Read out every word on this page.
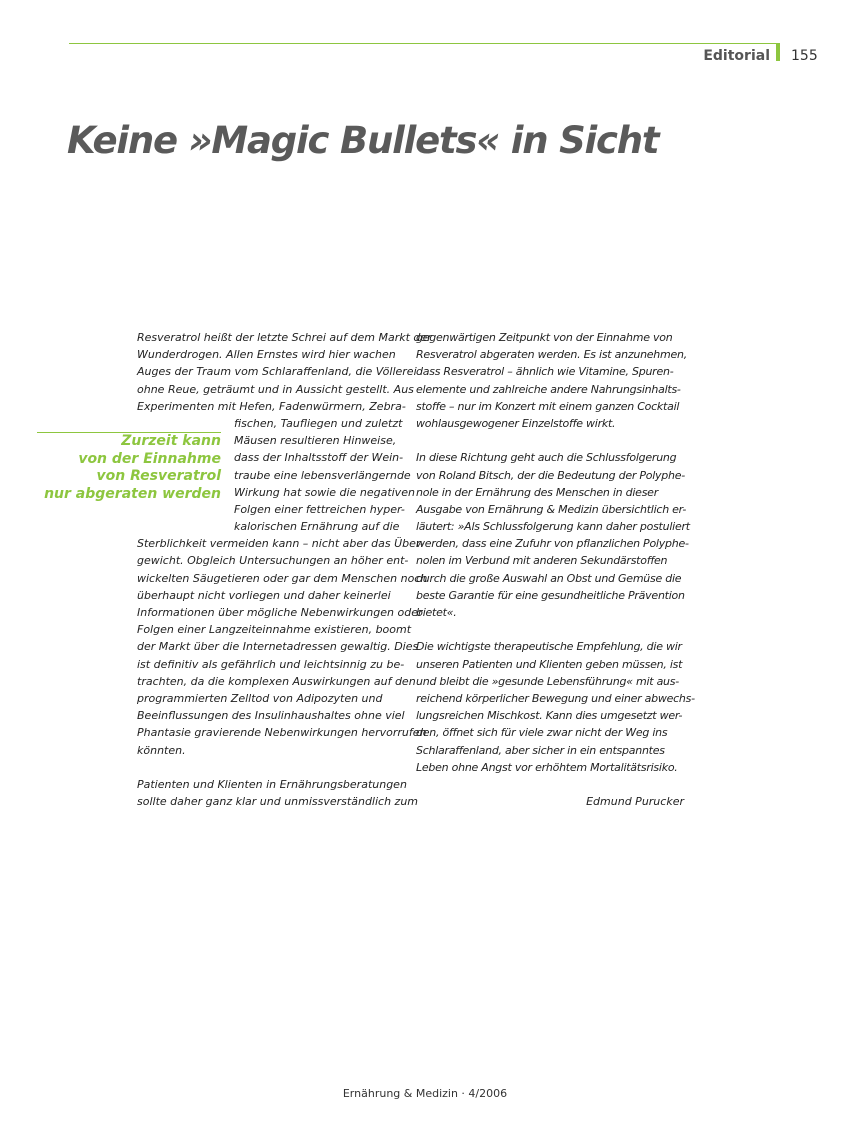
Editorial 155
Keine »Magic Bullets« in Sicht
Zurzeit kann
von der Einnahme
von Resveratrol
nur abgeraten werden
Resveratrol heißt der letzte Schrei auf dem Markt der
Wunderdrogen. Allen Ernstes wird hier wachen
Auges der Traum vom Schlaraffenland, die Völlerei
ohne Reue, geträumt und in Aussicht gestellt. Aus
Experimenten mit Hefen, Fadenwürmern, Zebra-
fischen, Taufliegen und zuletzt
Mäusen resultieren Hinweise,
dass der Inhaltsstoff der Wein-
traube eine lebensverlängernde
Wirkung hat sowie die negativen
Folgen einer fettreichen hyper-
kalorischen Ernährung auf die
Sterblichkeit vermeiden kann – nicht aber das Über-
gewicht. Obgleich Untersuchungen an höher ent-
wickelten Säugetieren oder gar dem Menschen noch
überhaupt nicht vorliegen und daher keinerlei
Informationen über mögliche Nebenwirkungen oder
Folgen einer Langzeiteinnahme existieren, boomt
der Markt über die Internetadressen gewaltig. Dies
ist definitiv als gefährlich und leichtsinnig zu be-
trachten, da die komplexen Auswirkungen auf den
programmierten Zelltod von Adipozyten und
Beeinflussungen des Insulinhaushaltes ohne viel
Phantasie gravierende Nebenwirkungen hervorrufen
könnten.
Patienten und Klienten in Ernährungsberatungen
sollte daher ganz klar und unmissverständlich zum
gegenwärtigen Zeitpunkt von der Einnahme von
Resveratrol abgeraten werden. Es ist anzunehmen,
dass Resveratrol – ähnlich wie Vitamine, Spuren-
elemente und zahlreiche andere Nahrungsinhalts-
stoffe – nur im Konzert mit einem ganzen Cocktail
wohlausgewogener Einzelstoffe wirkt.
In diese Richtung geht auch die Schlussfolgerung
von Roland Bitsch, der die Bedeutung der Polyphe-
nole in der Ernährung des Menschen in dieser
Ausgabe von Ernährung & Medizin übersichtlich er-
läutert: »Als Schlussfolgerung kann daher postuliert
werden, dass eine Zufuhr von pflanzlichen Polyphe-
nolen im Verbund mit anderen Sekundärstoffen
durch die große Auswahl an Obst und Gemüse die
beste Garantie für eine gesundheitliche Prävention
bietet«.
Die wichtigste therapeutische Empfehlung, die wir
unseren Patienten und Klienten geben müssen, ist
und bleibt die »gesunde Lebensführung« mit aus-
reichend körperlicher Bewegung und einer abwechs-
lungsreichen Mischkost. Kann dies umgesetzt wer-
den, öffnet sich für viele zwar nicht der Weg ins
Schlaraffenland, aber sicher in ein entspanntes
Leben ohne Angst vor erhöhtem Mortalitätsrisiko.
Edmund Purucker
Ernährung & Medizin · 4/2006
